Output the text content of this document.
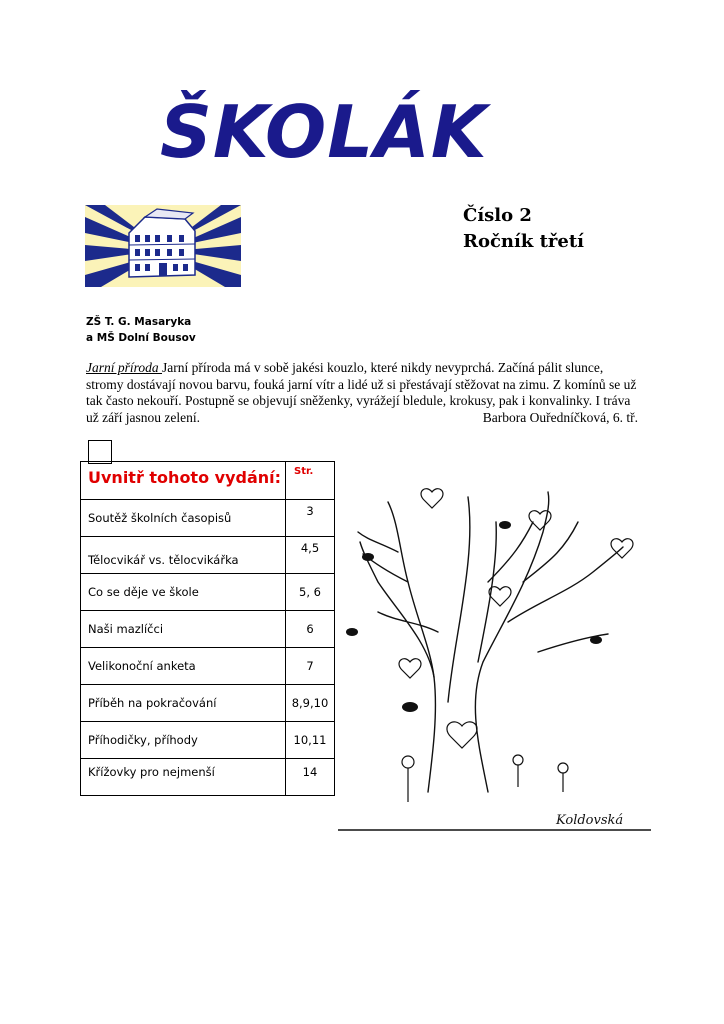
ŠKOLÁK
Číslo 2
Ročník třetí
ZŠ T. G. Masaryka
a MŠ Dolní Bousov
Jarní příroda Jarní příroda má v sobě jakési kouzlo, které nikdy nevyprchá. Začíná pálit slunce,
stromy dostávají novou barvu, fouká jarní vítr a lidé už si přestávají stěžovat na zimu. Z komínů se už
tak často nekouří. Postupně se objevují sněženky, vyrážejí bledule, krokusy, pak i konvalinky. I tráva
už září jasnou zelení.	Barbora Ouředníčková, 6. tř.
Uvnitř tohoto vydání:	Str.

Soutěž školních časopisů	3

Tělocvikář vs. tělocvikářka	4,5

Co se děje ve škole	5, 6

Naši mazlíčci	6

Velikonoční anketa	7

Příběh na pokračování	8,9,10

Příhodičky, příhody	10,11

Křížovky pro nejmenší	14
Koldovská
